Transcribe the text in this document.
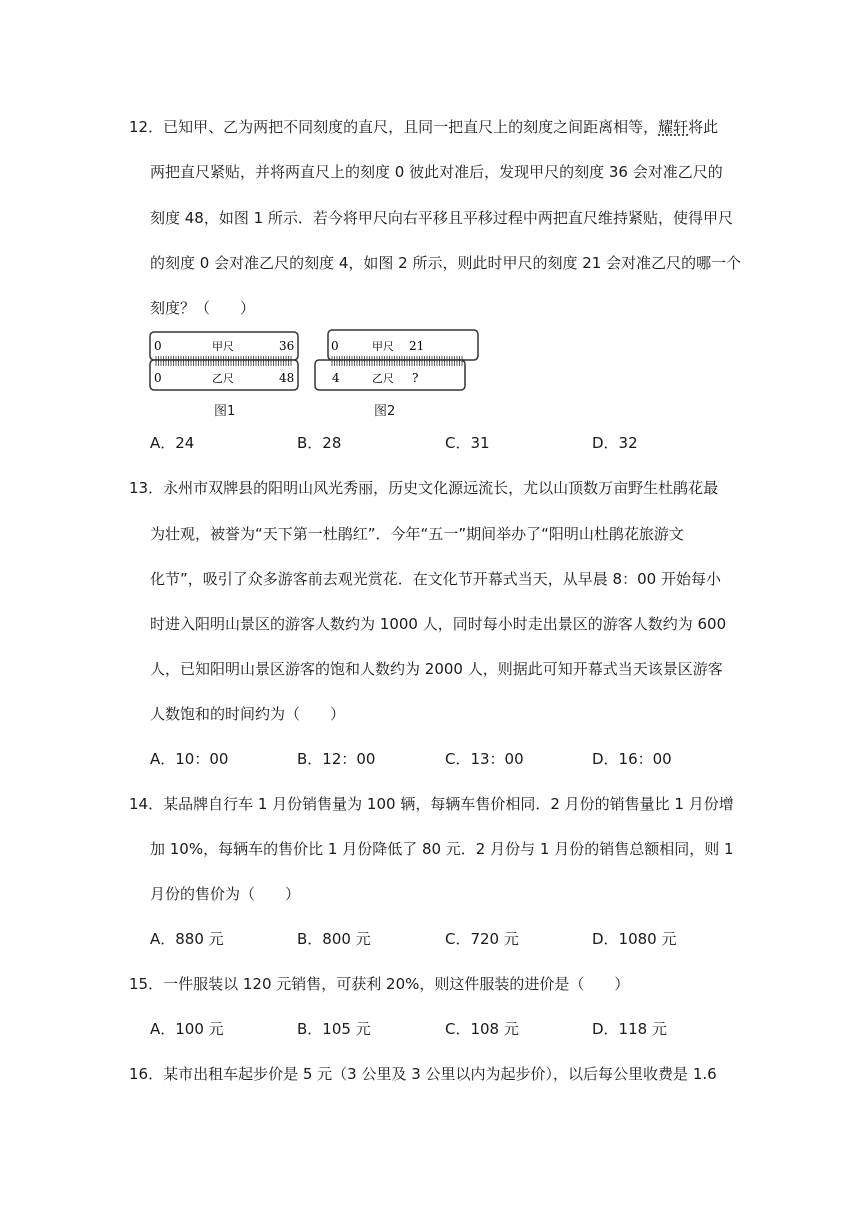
12．已知甲、乙为两把不同刻度的直尺，且同一把直尺上的刻度之间距离相等，耀轩将此
两把直尺紧贴，并将两直尺上的刻度 0 彼此对准后，发现甲尺的刻度 36 会对准乙尺的
刻度 48，如图 1 所示．若今将甲尺向右平移且平移过程中两把直尺维持紧贴，使得甲尺
的刻度 0 会对准乙尺的刻度 4，如图 2 所示，则此时甲尺的刻度 21 会对准乙尺的哪一个
刻度？（　　）
0	甲尺	36
0	乙尺	48
图1
0	甲尺 21
4	乙尺 ?
图2
A．24	B．28	C．31	D．32
13．永州市双牌县的阳明山风光秀丽，历史文化源远流长，尤以山顶数万亩野生杜鹃花最
为壮观，被誉为“天下第一杜鹃红”．今年“五一”期间举办了“阳明山杜鹃花旅游文
化节”，吸引了众多游客前去观光赏花．在文化节开幕式当天，从早晨 8：00 开始每小
时进入阳明山景区的游客人数约为 1000 人，同时每小时走出景区的游客人数约为 600
人，已知阳明山景区游客的饱和人数约为 2000 人，则据此可知开幕式当天该景区游客
人数饱和的时间约为（　　）
A．10：00	B．12：00	C．13：00	D．16：00
14．某品牌自行车 1 月份销售量为 100 辆，每辆车售价相同．2 月份的销售量比 1 月份增
加 10%，每辆车的售价比 1 月份降低了 80 元．2 月份与 1 月份的销售总额相同，则 1
月份的售价为（　　）
A．880 元	B．800 元	C．720 元	D．1080 元
15．一件服装以 120 元销售，可获利 20%，则这件服装的进价是（　　）
A．100 元	B．105 元	C．108 元	D．118 元
16．某市出租车起步价是 5 元（3 公里及 3 公里以内为起步价），以后每公里收费是 1.6
